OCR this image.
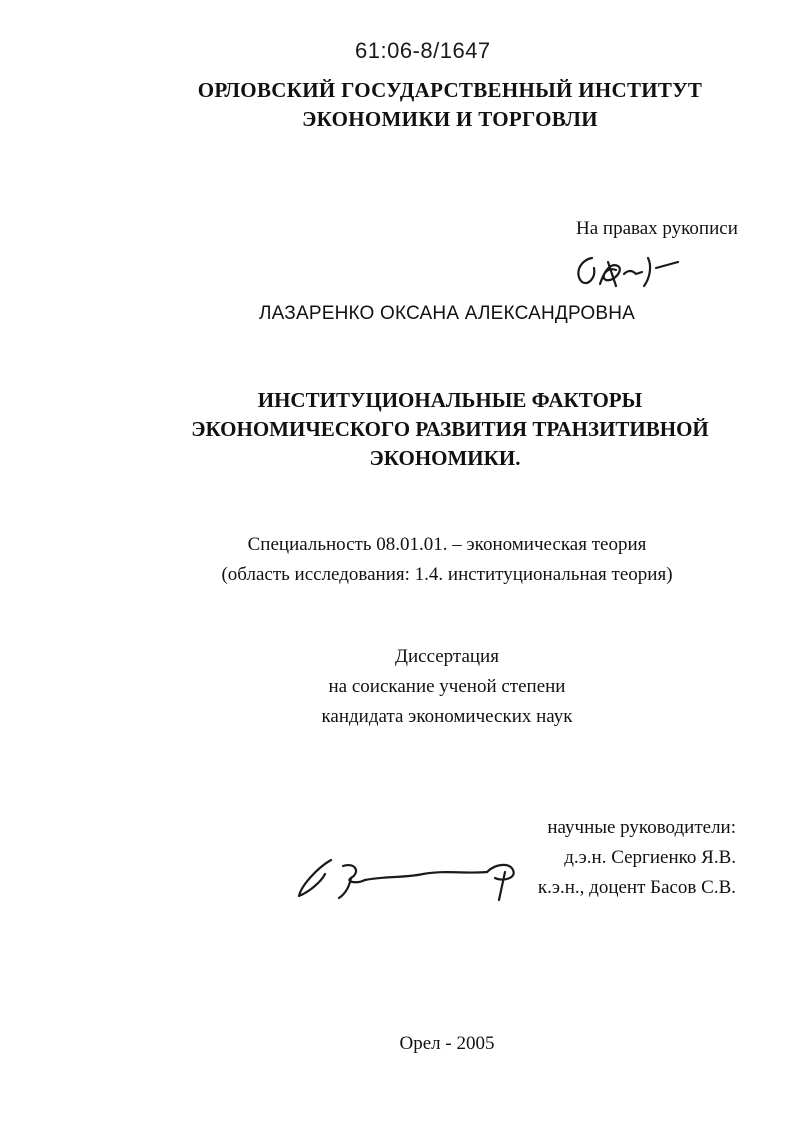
61:06-8/1647
ОРЛОВСКИЙ ГОСУДАРСТВЕННЫЙ ИНСТИТУТ
ЭКОНОМИКИ И ТОРГОВЛИ
На правах рукописи
ЛАЗАРЕНКО ОКСАНА АЛЕКСАНДРОВНА
ИНСТИТУЦИОНАЛЬНЫЕ ФАКТОРЫ
ЭКОНОМИЧЕСКОГО РАЗВИТИЯ ТРАНЗИТИВНОЙ
ЭКОНОМИКИ.
Специальность 08.01.01. – экономическая теория
(область исследования: 1.4. институциональная теория)
Диссертация
на соискание ученой степени
кандидата экономических наук
научные руководители:
д.э.н. Сергиенко Я.В.
к.э.н., доцент Басов С.В.
Орел - 2005
